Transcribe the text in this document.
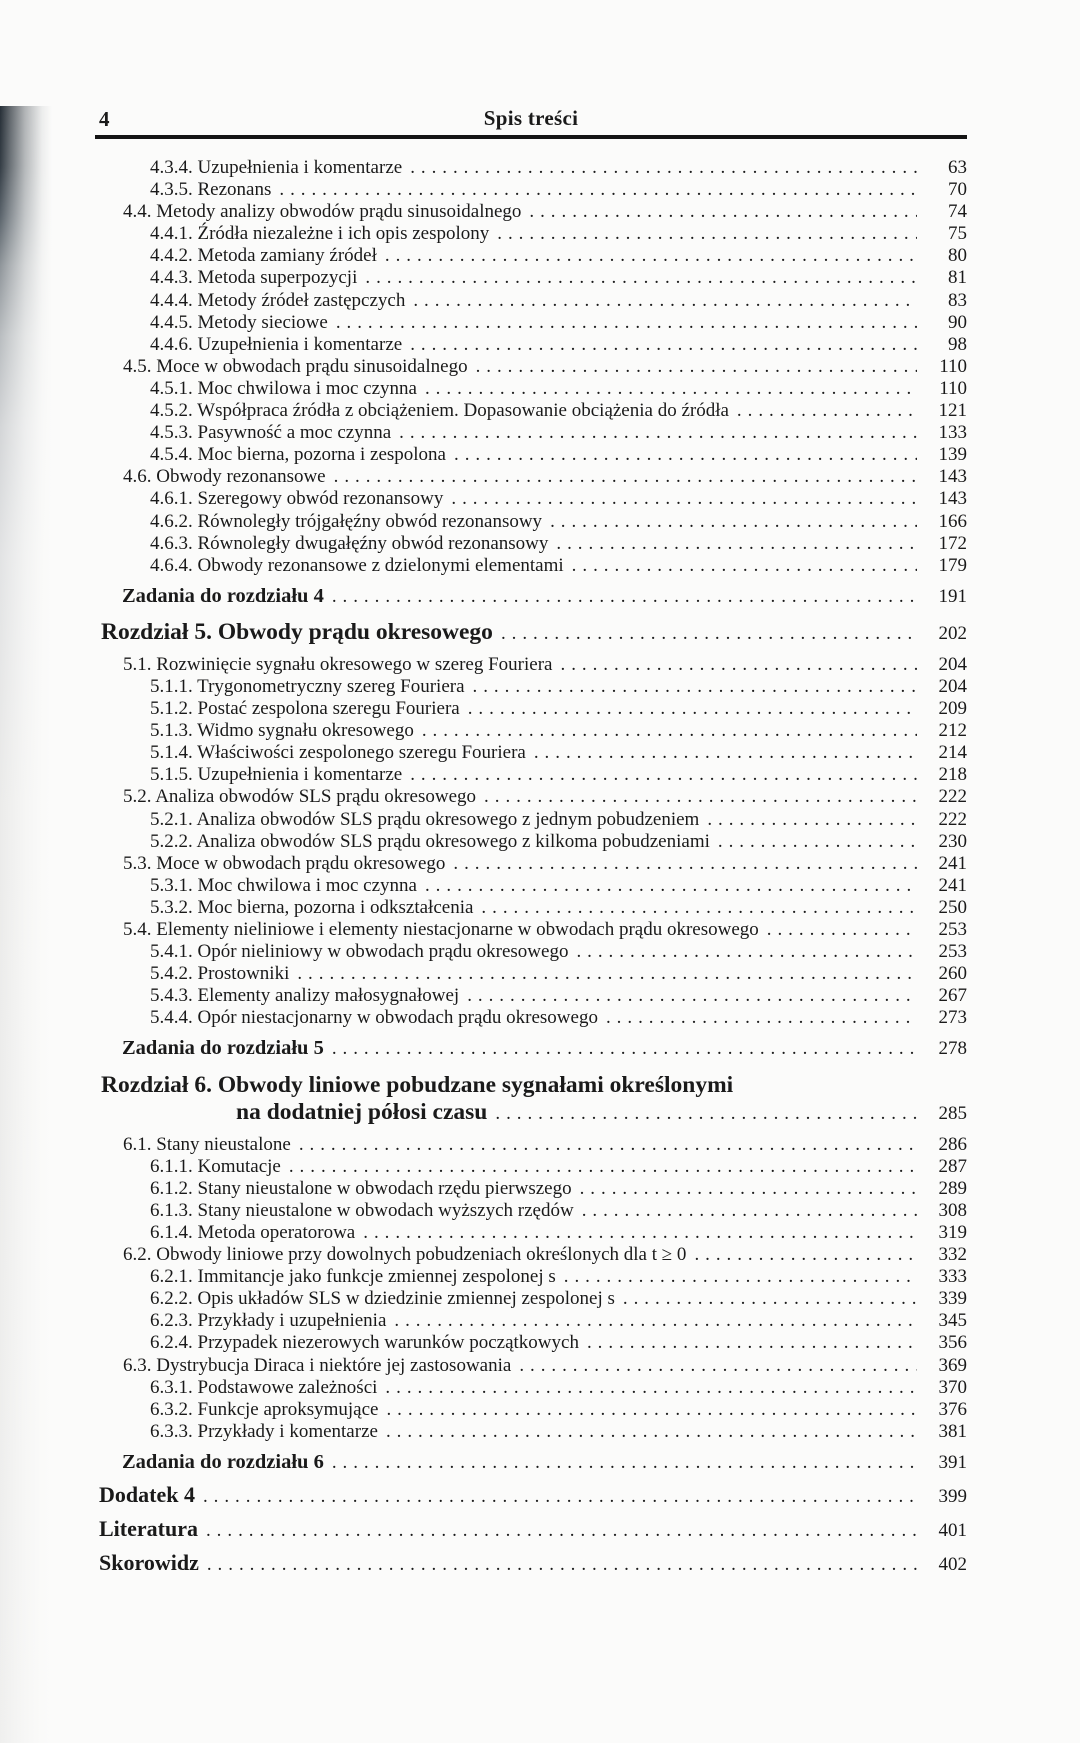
4	Spis treści
4.3.4. Uzupełnienia i komentarze . . .	63
4.3.5. Rezonans . . .	70
4.4. Metody analizy obwodów prądu sinusoidalnego . . .	74
4.4.1. Źródła niezależne i ich opis zespolony . . .	75
4.4.2. Metoda zamiany źródeł . . .	80
4.4.3. Metoda superpozycji . . .	81
4.4.4. Metody źródeł zastępczych . . .	83
4.4.5. Metody sieciowe . . .	90
4.4.6. Uzupełnienia i komentarze . . .	98
4.5. Moce w obwodach prądu sinusoidalnego . . .	110
4.5.1. Moc chwilowa i moc czynna . . .	110
4.5.2. Współpraca źródła z obciążeniem. Dopasowanie obciążenia do źródła . . .	121
4.5.3. Pasywność a moc czynna . . .	133
4.5.4. Moc bierna, pozorna i zespolona . . .	139
4.6. Obwody rezonansowe . . .	143
4.6.1. Szeregowy obwód rezonansowy . . .	143
4.6.2. Równoległy trójgałęźny obwód rezonansowy . . .	166
4.6.3. Równoległy dwugałęźny obwód rezonansowy . . .	172
4.6.4. Obwody rezonansowe z dzielonymi elementami . . .	179
Zadania do rozdziału 4 . . .	191
Rozdział 5. Obwody prądu okresowego . . .	202
5.1. Rozwinięcie sygnału okresowego w szereg Fouriera . . .	204
5.1.1. Trygonometryczny szereg Fouriera . . .	204
5.1.2. Postać zespolona szeregu Fouriera . . .	209
5.1.3. Widmo sygnału okresowego . . .	212
5.1.4. Właściwości zespolonego szeregu Fouriera . . .	214
5.1.5. Uzupełnienia i komentarze . . .	218
5.2. Analiza obwodów SLS prądu okresowego . . .	222
5.2.1. Analiza obwodów SLS prądu okresowego z jednym pobudzeniem . . .	222
5.2.2. Analiza obwodów SLS prądu okresowego z kilkoma pobudzeniami . . .	230
5.3. Moce w obwodach prądu okresowego . . .	241
5.3.1. Moc chwilowa i moc czynna . . .	241
5.3.2. Moc bierna, pozorna i odkształcenia . . .	250
5.4. Elementy nieliniowe i elementy niestacjonarne w obwodach prądu okresowego . . .	253
5.4.1. Opór nieliniowy w obwodach prądu okresowego . . .	253
5.4.2. Prostowniki . . .	260
5.4.3. Elementy analizy małosygnałowej . . .	267
5.4.4. Opór niestacjonarny w obwodach prądu okresowego . . .	273
Zadania do rozdziału 5 . . .	278
Rozdział 6. Obwody liniowe pobudzane sygnałami określonymi
na dodatniej półosi czasu . . .	285
6.1. Stany nieustalone . . .	286
6.1.1. Komutacje . . .	287
6.1.2. Stany nieustalone w obwodach rzędu pierwszego . . .	289
6.1.3. Stany nieustalone w obwodach wyższych rzędów . . .	308
6.1.4. Metoda operatorowa . . .	319
6.2. Obwody liniowe przy dowolnych pobudzeniach określonych dla t ≥ 0 . . .	332
6.2.1. Immitancje jako funkcje zmiennej zespolonej s . . .	333
6.2.2. Opis układów SLS w dziedzinie zmiennej zespolonej s . . .	339
6.2.3. Przykłady i uzupełnienia . . .	345
6.2.4. Przypadek niezerowych warunków początkowych . . .	356
6.3. Dystrybucja Diraca i niektóre jej zastosowania . . .	369
6.3.1. Podstawowe zależności . . .	370
6.3.2. Funkcje aproksymujące . . .	376
6.3.3. Przykłady i komentarze . . .	381
Zadania do rozdziału 6 . . .	391
Dodatek 4 . . .	399
Literatura . . .	401
Skorowidz . . .	402
